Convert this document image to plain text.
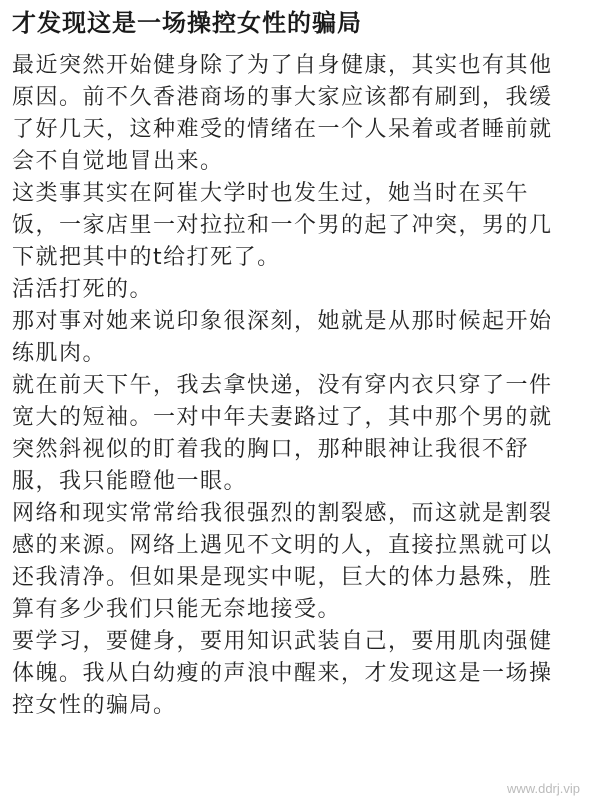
才发现这是一场操控女性的骗局

最近突然开始健身除了为了自身健康，其实也有其他

原因。前不久香港商场的事大家应该都有刷到，我缓

了好几天，这种难受的情绪在一个人呆着或者睡前就

会不自觉地冒出来。

这类事其实在阿崔大学时也发生过，她当时在买午

饭，一家店里一对拉拉和一个男的起了冲突，男的几

下就把其中的t给打死了。

活活打死的。

那对事对她来说印象很深刻，她就是从那时候起开始

练肌肉。

就在前天下午，我去拿快递，没有穿内衣只穿了一件

宽大的短袖。一对中年夫妻路过了，其中那个男的就

突然斜视似的盯着我的胸口，那种眼神让我很不舒

服，我只能瞪他一眼。

网络和现实常常给我很强烈的割裂感，而这就是割裂

感的来源。网络上遇见不文明的人，直接拉黑就可以

还我清净。但如果是现实中呢，巨大的体力悬殊，胜

算有多少我们只能无奈地接受。

要学习，要健身，要用知识武装自己，要用肌肉强健

体魄。我从白幼瘦的声浪中醒来，才发现这是一场操

控女性的骗局。

www.ddrj.vip
